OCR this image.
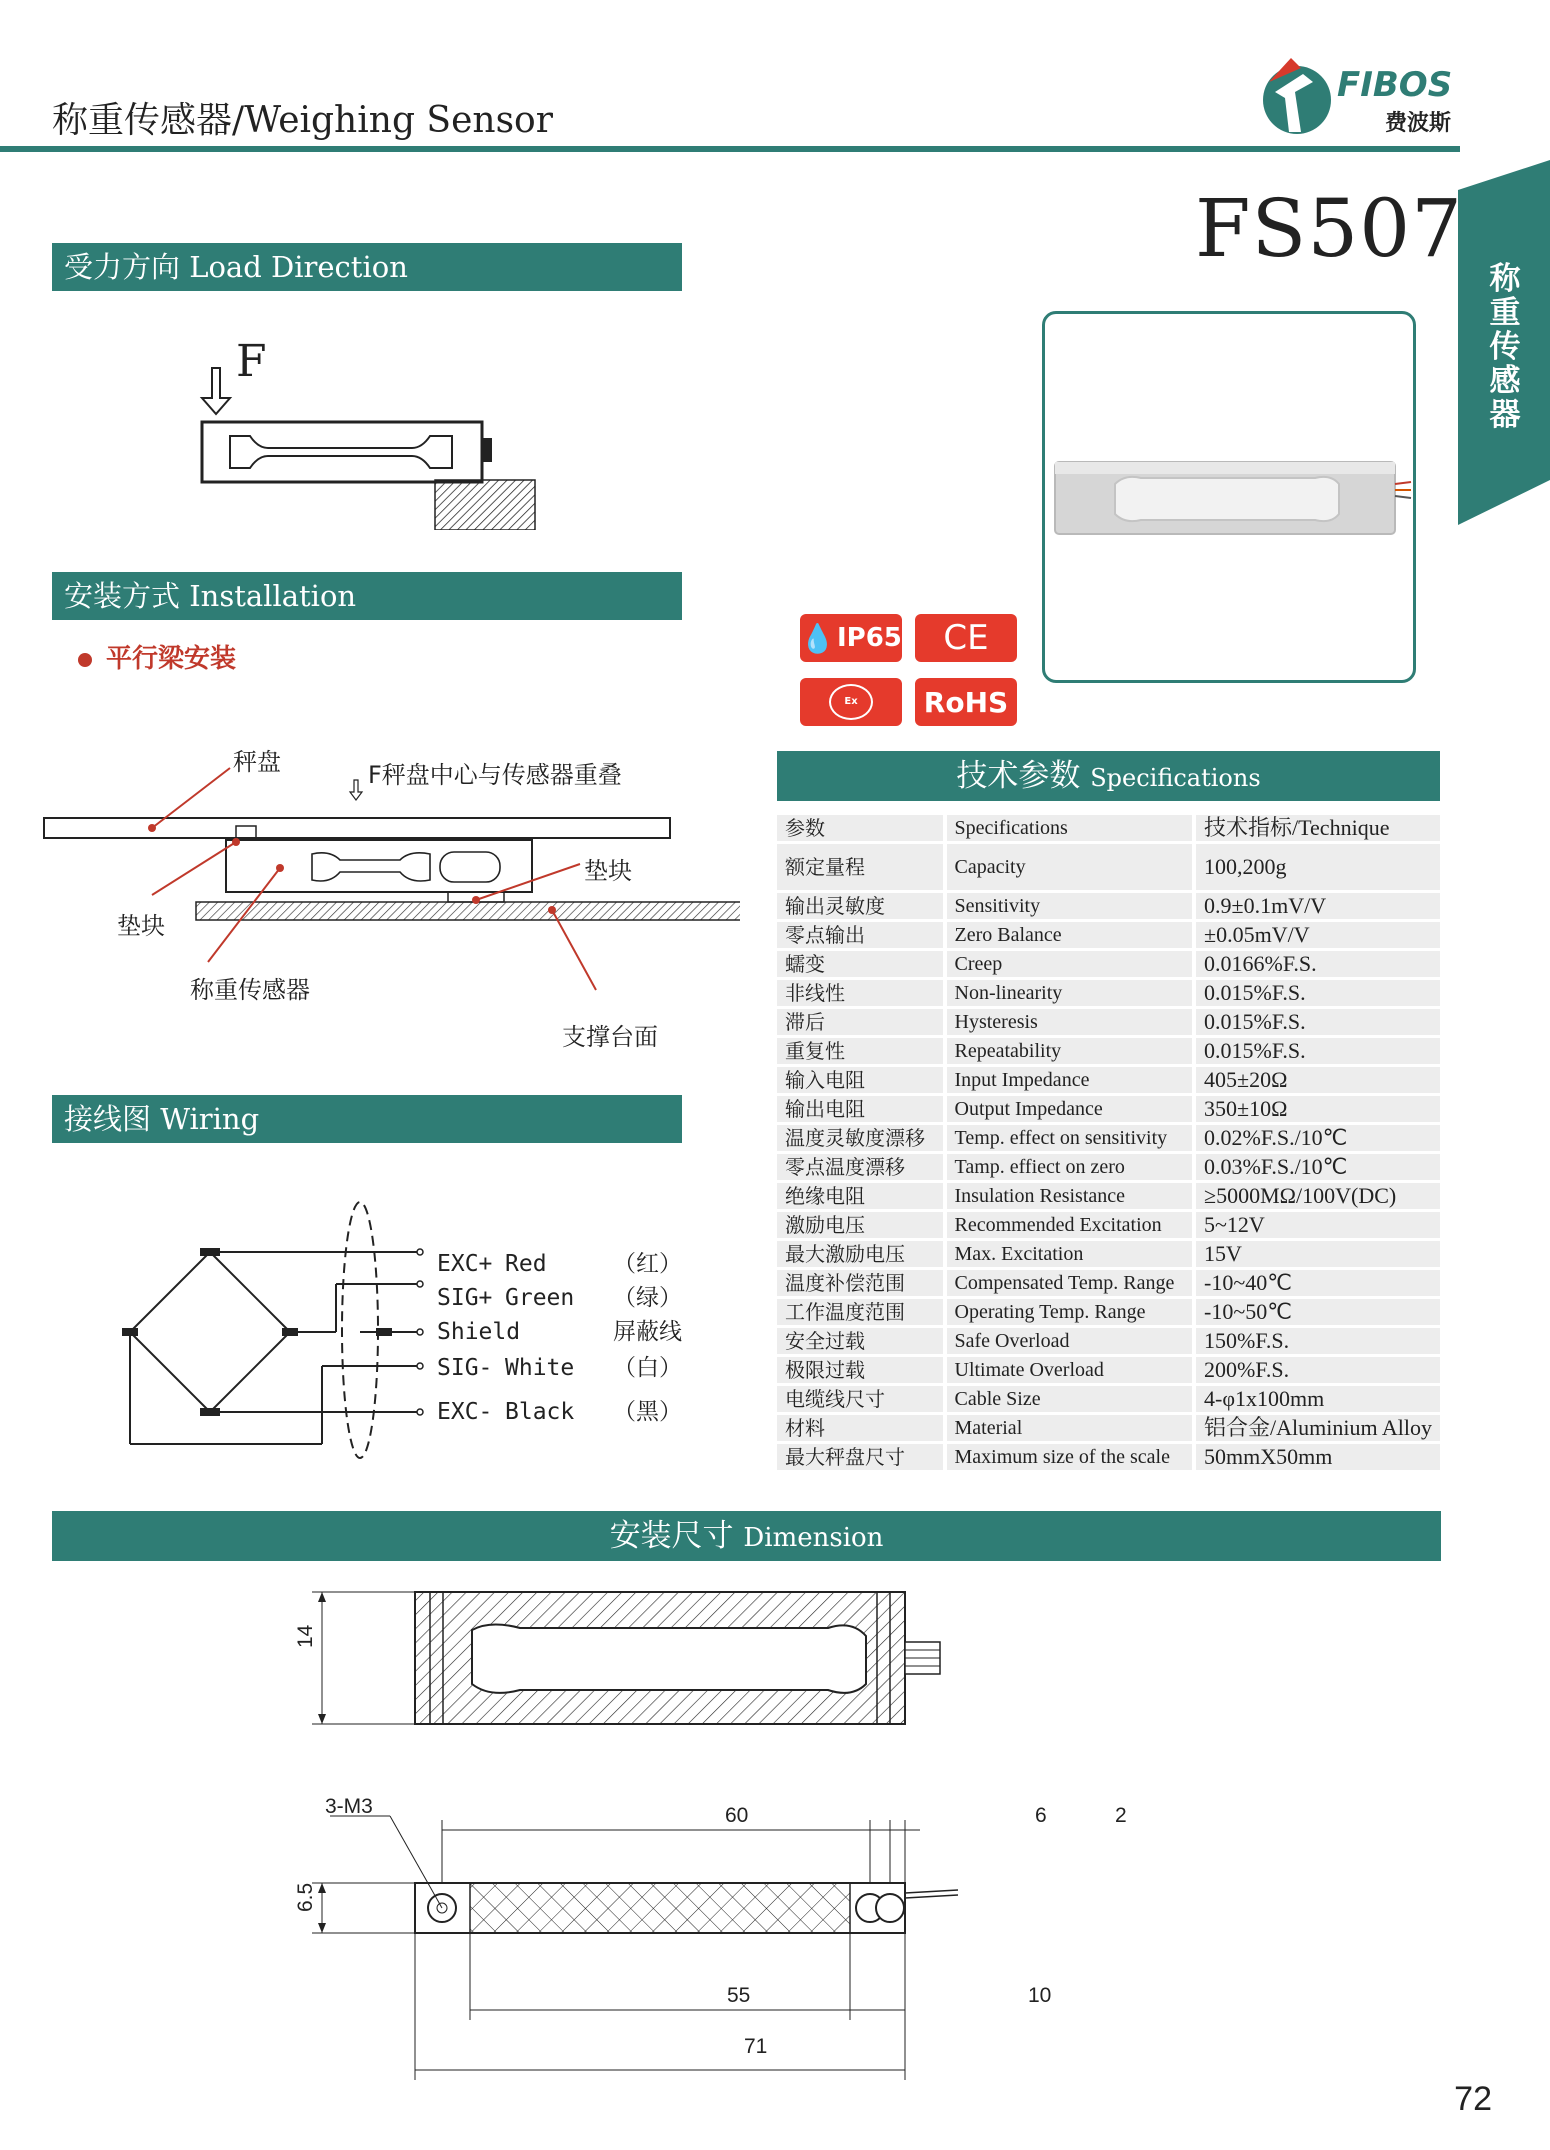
称重传感器/Weighing Sensor
FIBOS
费波斯
称重传感器
FS507
受力方向 Load Direction
F
安装方式 Installation
平行梁安装
秤盘	F秤盘中心与传感器重叠
垫块
垫块
称重传感器
支撑台面
💧 IP65	CE
Ex NEPSI
RoHS
技术参数 Specifications
参数		Specifications		技术指标/Technique
额定量程		Capacity		100,200g
输出灵敏度		Sensitivity		0.9±0.1mV/V
零点输出		Zero Balance		±0.05mV/V
蠕变		Creep		0.0166%F.S.
非线性		Non-linearity		0.015%F.S.
滞后		Hysteresis		0.015%F.S.
重复性		Repeatability		0.015%F.S.
输入电阻		Input Impedance		405±20Ω
输出电阻		Output Impedance		350±10Ω
温度灵敏度漂移		Temp. effect on sensitivity		0.02%F.S./10℃
零点温度漂移		Tamp. effiect on zero		0.03%F.S./10℃
绝缘电阻		Insulation Resistance		≥5000MΩ/100V(DC)
激励电压		Recommended Excitation		5~12V
最大激励电压		Max. Excitation		15V
温度补偿范围		Compensated Temp. Range		-10~40℃
工作温度范围		Operating Temp. Range		-10~50℃
安全过载		Safe Overload		150%F.S.
极限过载		Ultimate Overload		200%F.S.
电缆线尺寸		Cable Size		4-φ1x100mm
材料		Material		铝合金/Aluminium Alloy
最大秤盘尺寸		Maximum size of the scale		50mmX50mm
接线图 Wiring
EXC+ Red	（红）
SIG+ Green （绿）
Shield	屏蔽线
SIG- White （白）
EXC- Black （黑）
安装尺寸 Dimension
14
3-M3
6.5
60	6	2
55	10
71
72
